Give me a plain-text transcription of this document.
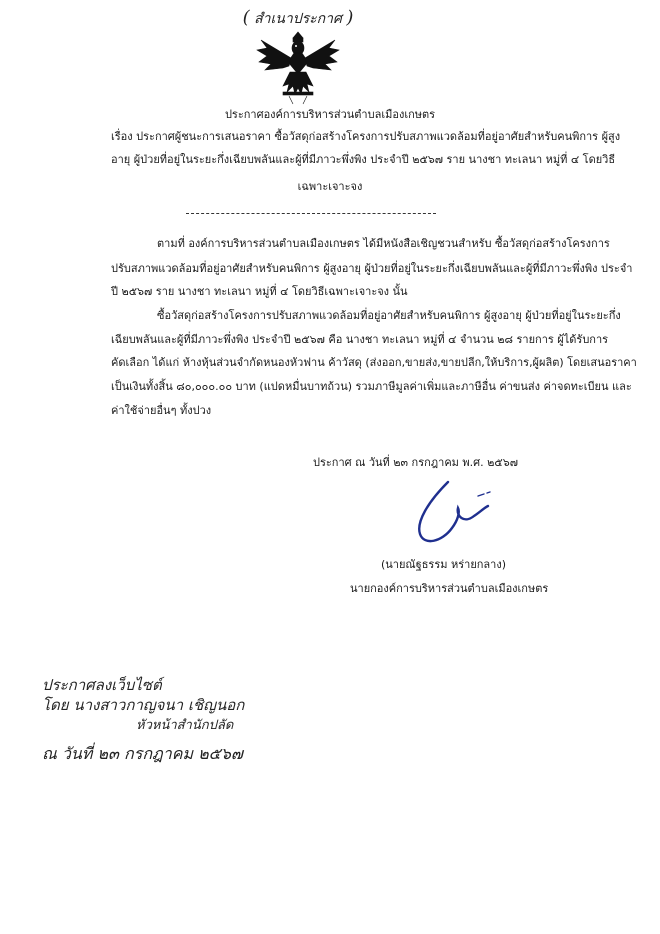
( สำเนาประกาศ )
ประกาศองค์การบริหารส่วนตำบลเมืองเกษตร
เรื่อง ประกาศผู้ชนะการเสนอราคา ซื้อวัสดุก่อสร้างโครงการปรับสภาพแวดล้อมที่อยู่อาศัยสำหรับคนพิการ ผู้สูง
อายุ ผู้ป่วยที่อยู่ในระยะกึ่งเฉียบพลันและผู้ที่มีภาวะพึ่งพิง ประจำปี ๒๕๖๗ ราย นางชา ทะเลนา หมู่ที่ ๔ โดยวิธี
เฉพาะเจาะจง
ตามที่ องค์การบริหารส่วนตำบลเมืองเกษตร ได้มีหนังสือเชิญชวนสำหรับ ซื้อวัสดุก่อสร้างโครงการ
ปรับสภาพแวดล้อมที่อยู่อาศัยสำหรับคนพิการ ผู้สูงอายุ ผู้ป่วยที่อยู่ในระยะกึ่งเฉียบพลันและผู้ที่มีภาวะพึ่งพิง ประจำ
ปี ๒๕๖๗ ราย นางชา ทะเลนา หมู่ที่ ๔ โดยวิธีเฉพาะเจาะจง นั้น
ซื้อวัสดุก่อสร้างโครงการปรับสภาพแวดล้อมที่อยู่อาศัยสำหรับคนพิการ ผู้สูงอายุ ผู้ป่วยที่อยู่ในระยะกึ่ง
เฉียบพลันและผู้ที่มีภาวะพึ่งพิง ประจำปี ๒๕๖๗ คือ นางชา ทะเลนา หมู่ที่ ๔ จำนวน ๒๘ รายการ ผู้ได้รับการ
คัดเลือก ได้แก่ ห้างหุ้นส่วนจำกัดหนองหัวฟาน ค้าวัสดุ (ส่งออก,ขายส่ง,ขายปลีก,ให้บริการ,ผู้ผลิต) โดยเสนอราคา
เป็นเงินทั้งสิ้น ๘๐,๐๐๐.๐๐ บาท (แปดหมื่นบาทถ้วน) รวมภาษีมูลค่าเพิ่มและภาษีอื่น ค่าขนส่ง ค่าจดทะเบียน และ
ค่าใช้จ่ายอื่นๆ ทั้งปวง
ประกาศ ณ วันที่ ๒๓ กรกฎาคม พ.ศ. ๒๕๖๗
(นายณัฐธรรม หร่ายกลาง)
นายกองค์การบริหารส่วนตำบลเมืองเกษตร
ประกาศลงเว็บไซต์
โดย นางสาวกาญจนา เชิญนอก
หัวหน้าสำนักปลัด
ณ วันที่ ๒๓ กรกฎาคม ๒๕๖๗
